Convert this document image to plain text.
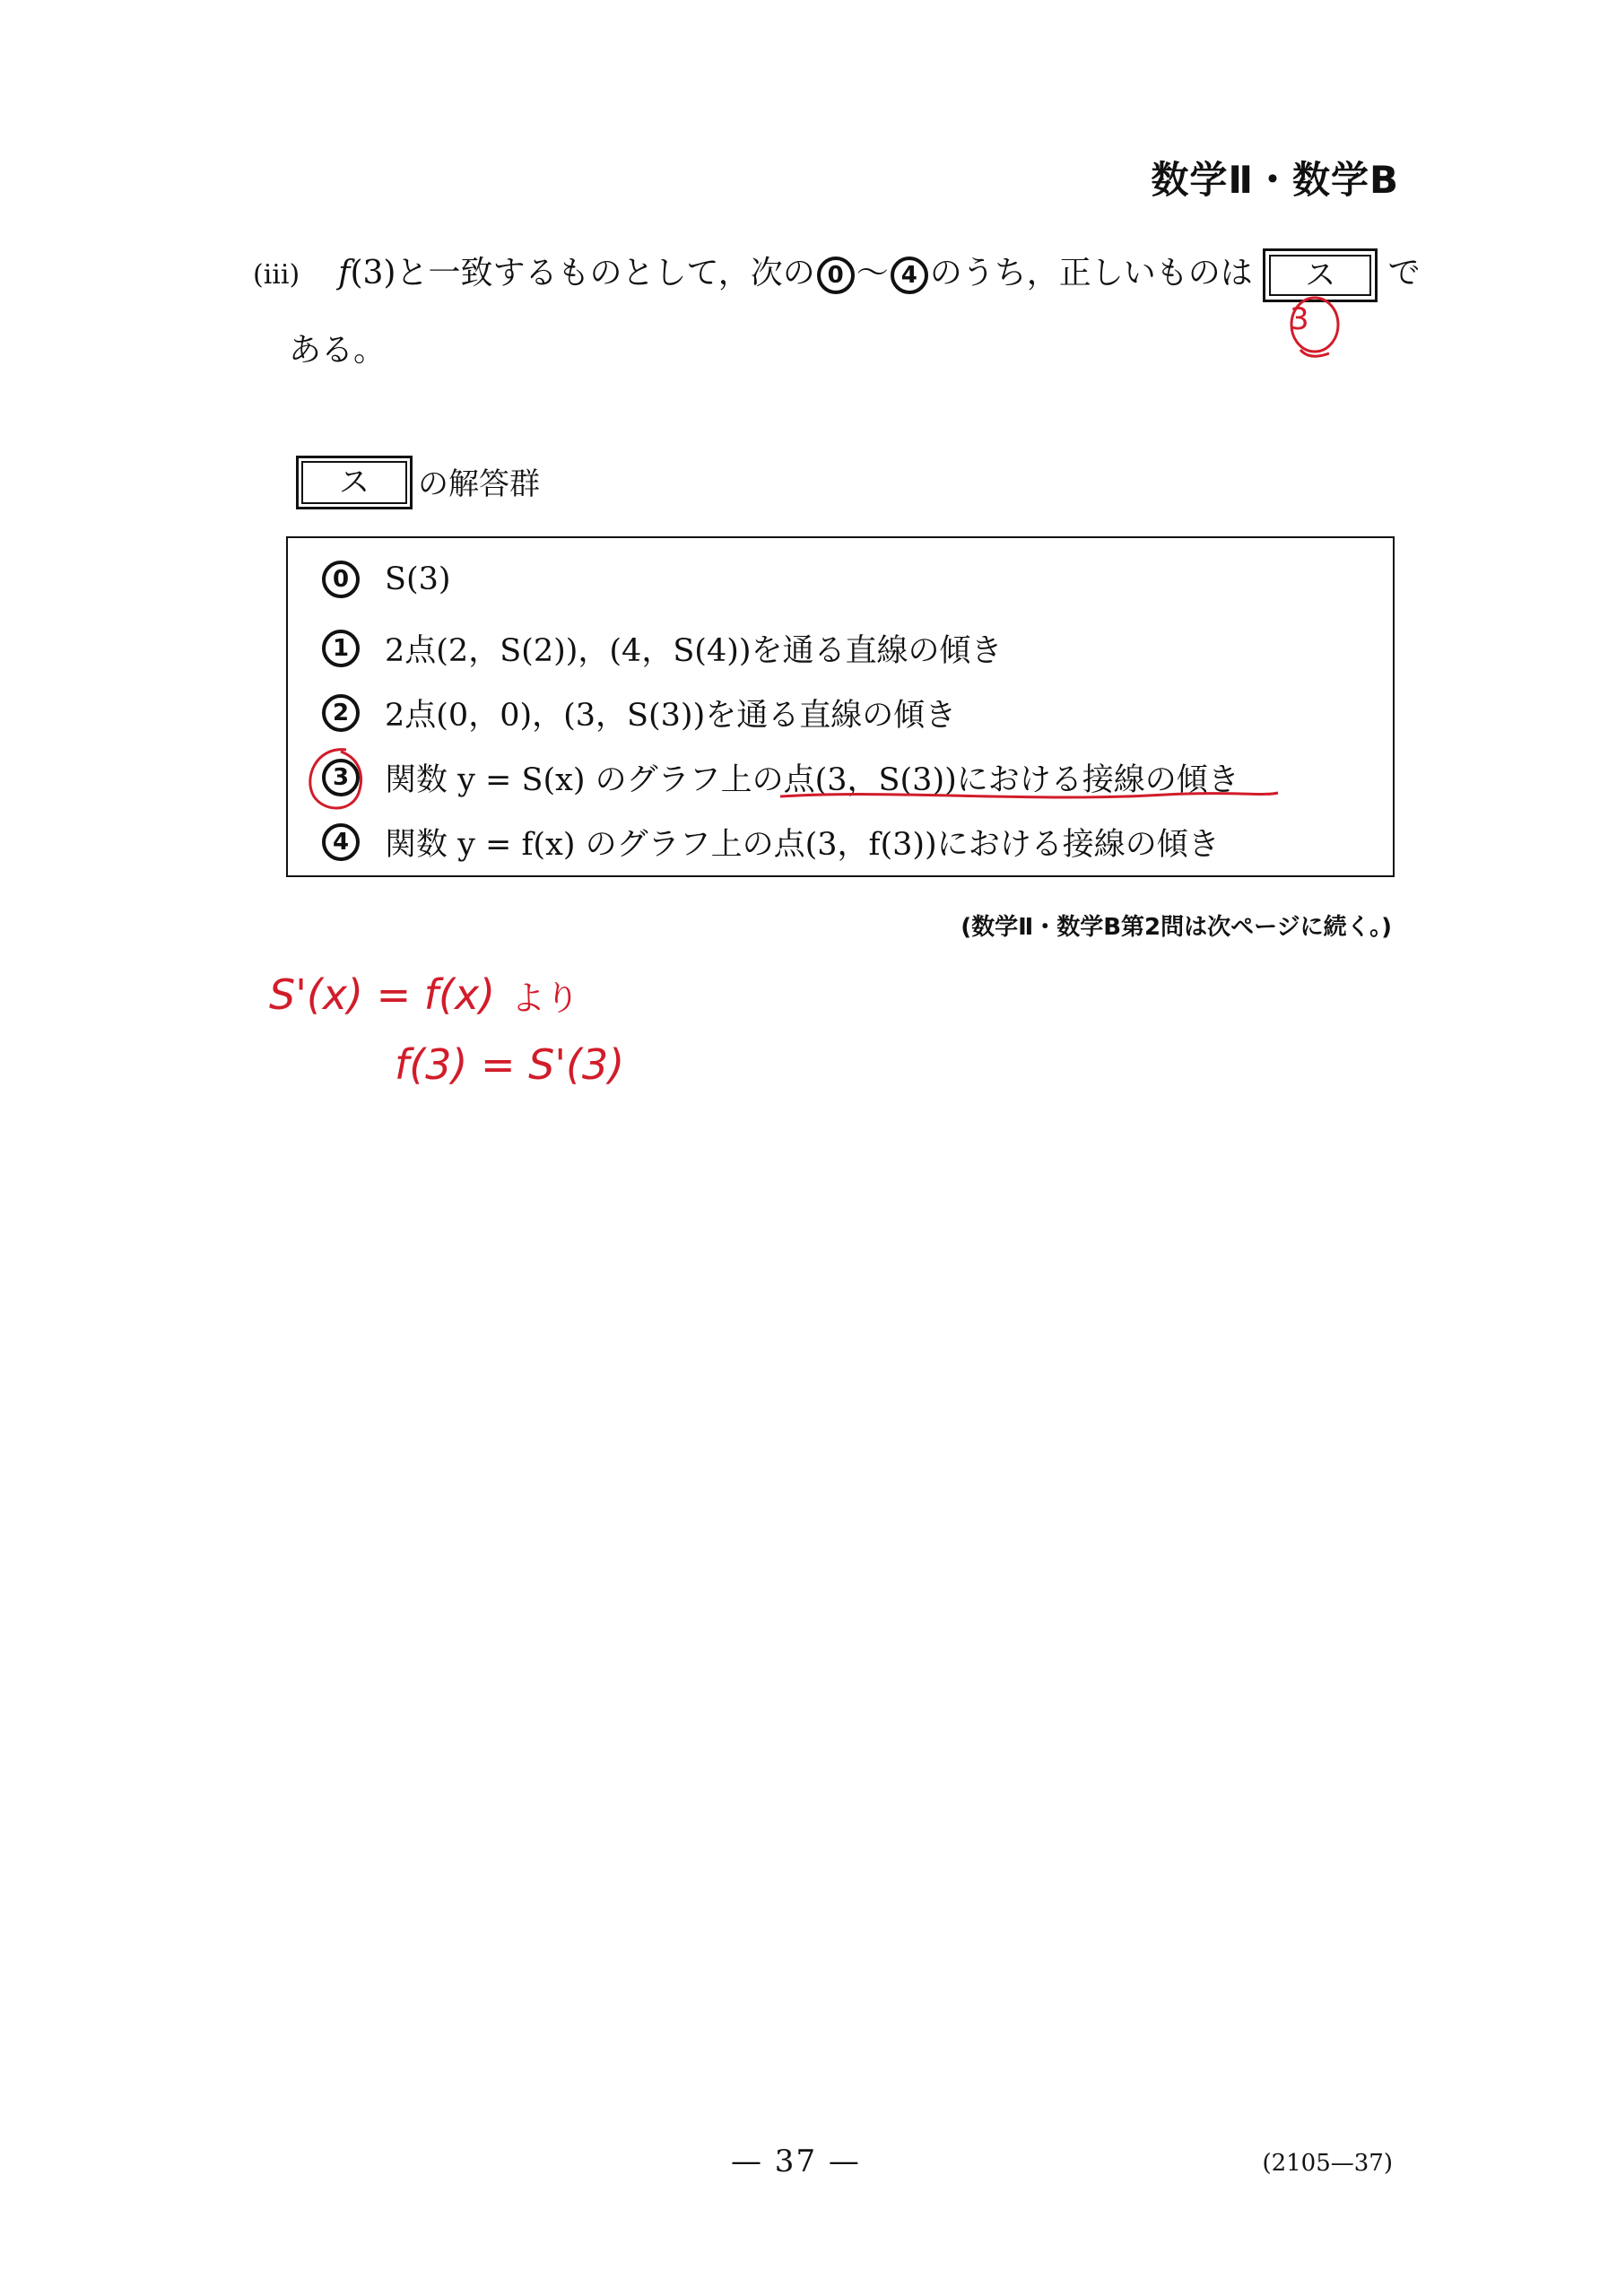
数学Ⅱ・数学B
(iii) f(3)と一致するものとして，次の 0 ～ 4 のうち，正しいものは	ス	で
ある。
ス	の解答群
0	S(3)
1	2点(2，S(2))，(4，S(4))を通る直線の傾き
2	2点(0，0)，(3，S(3))を通る直線の傾き
3	関数 y = S(x) のグラフ上の点(3，S(3))における接線の傾き
4	関数 y = f(x) のグラフ上の点(3，f(3))における接線の傾き
(数学Ⅱ・数学B第2問は次ページに続く。)
3
S'(x) = f(x) より
f(3) = S'(3)
— 37 —	(2105—37)
